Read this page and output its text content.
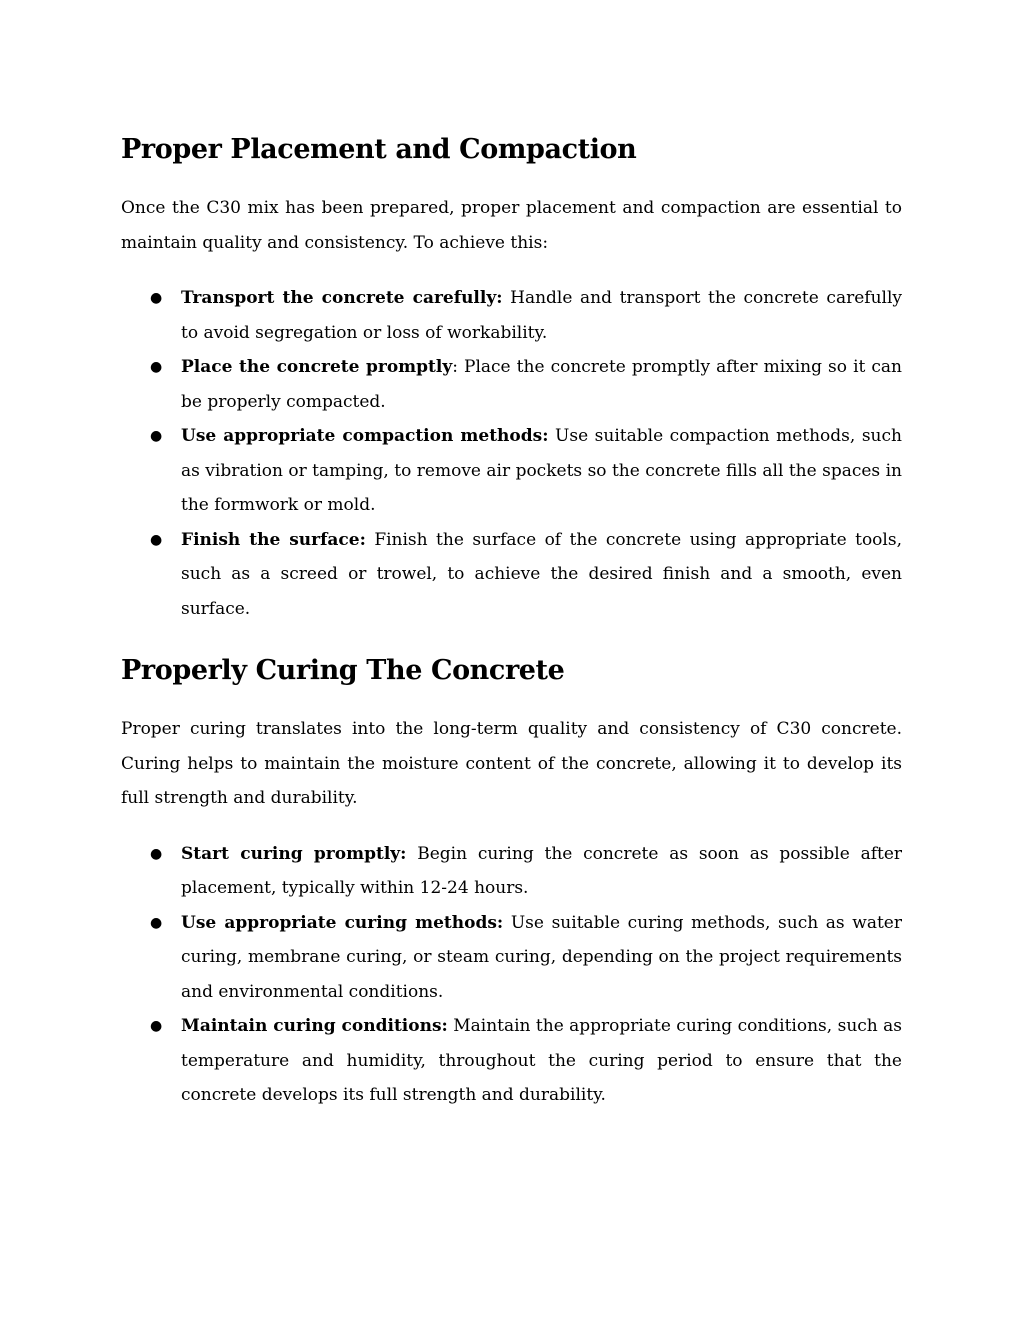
Proper Placement and Compaction

Once the C30 mix has been prepared, proper placement and compaction are essential to maintain quality and consistency. To achieve this:

● Transport the concrete carefully: Handle and transport the concrete carefully to avoid segregation or loss of workability.
● Place the concrete promptly: Place the concrete promptly after mixing so it can be properly compacted.
● Use appropriate compaction methods: Use suitable compaction methods, such as vibration or tamping, to remove air pockets so the concrete fills all the spaces in the formwork or mold.
● Finish the surface: Finish the surface of the concrete using appropriate tools, such as a screed or trowel, to achieve the desired finish and a smooth, even surface.
Properly Curing The Concrete

Proper curing translates into the long-term quality and consistency of C30 concrete. Curing helps to maintain the moisture content of the concrete, allowing it to develop its full strength and durability.

● Start curing promptly: Begin curing the concrete as soon as possible after placement, typically within 12-24 hours.
● Use appropriate curing methods: Use suitable curing methods, such as water curing, membrane curing, or steam curing, depending on the project requirements and environmental conditions.
● Maintain curing conditions: Maintain the appropriate curing conditions, such as temperature and humidity, throughout the curing period to ensure that the concrete develops its full strength and durability.
